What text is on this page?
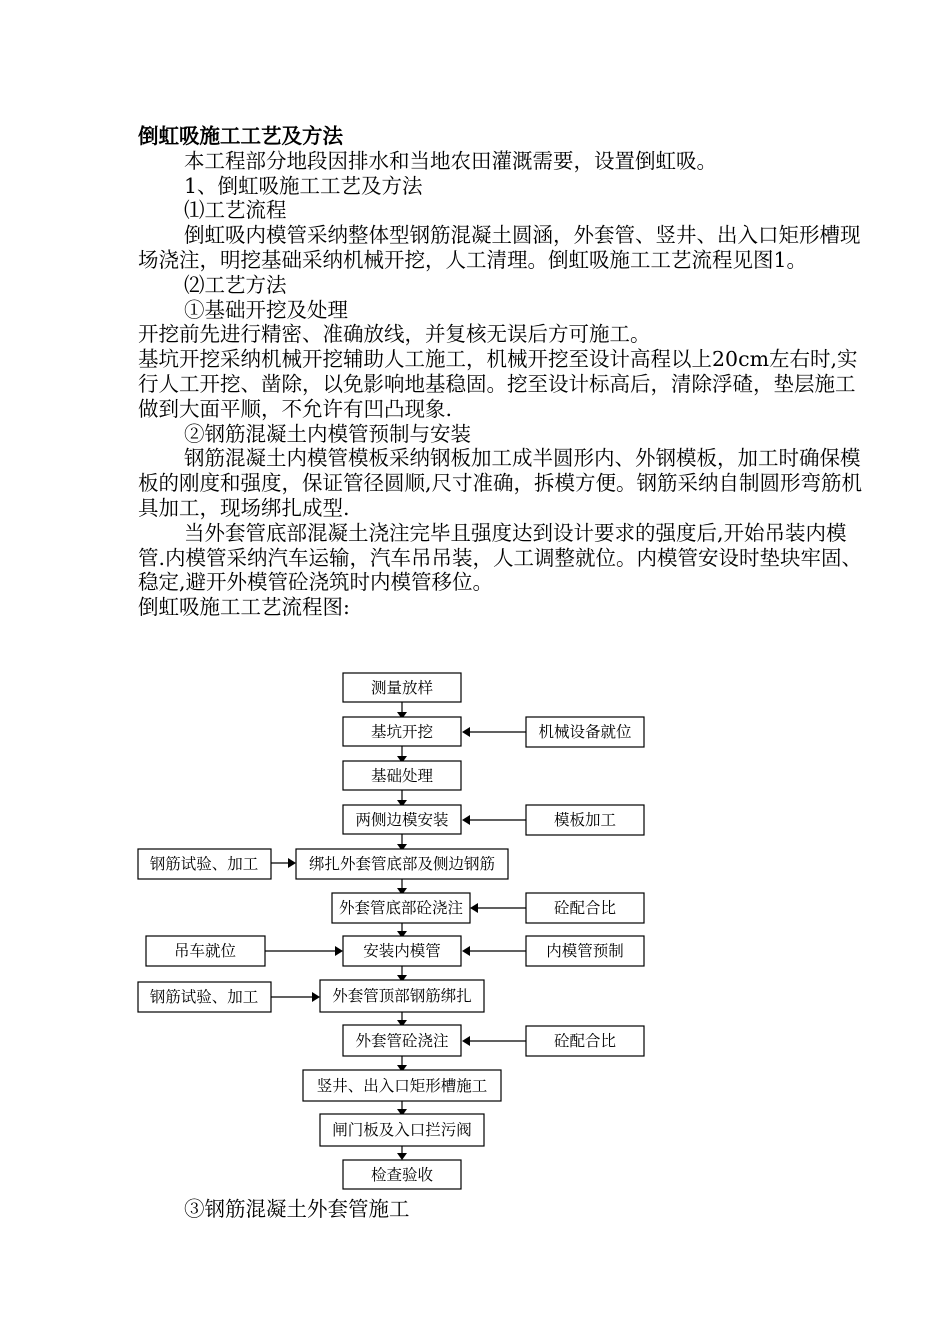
倒虹吸施工工艺及方法

本工程部分地段因排水和当地农田灌溉需要，设置倒虹吸。

1、倒虹吸施工工艺及方法

⑴工艺流程

倒虹吸内模管采纳整体型钢筋混凝土圆涵，外套管、竖井、出入口矩形槽现场浇注，明挖基础采纳机械开挖，人工清理。倒虹吸施工工艺流程见图1。

⑵工艺方法

①基础开挖及处理

开挖前先进行精密、准确放线，并复核无误后方可施工。

基坑开挖采纳机械开挖辅助人工施工，机械开挖至设计高程以上20cm左右时,实行人工开挖、凿除，以免影响地基稳固。挖至设计标高后，清除浮碴，垫层施工做到大面平顺，不允许有凹凸现象.

②钢筋混凝土内模管预制与安装

钢筋混凝土内模管模板采纳钢板加工成半圆形内、外钢模板，加工时确保模板的刚度和强度，保证管径圆顺,尺寸准确，拆模方便。钢筋采纳自制圆形弯筋机具加工，现场绑扎成型.

当外套管底部混凝土浇注完毕且强度达到设计要求的强度后,开始吊装内模管.内模管采纳汽车运输，汽车吊吊装，人工调整就位。内模管安设时垫块牢固、稳定,避开外模管砼浇筑时内模管移位。

倒虹吸施工工艺流程图:

测量放样
基坑开挖
基础处理
两侧边模安装
绑扎外套管底部及侧边钢筋
外套管底部砼浇注
安装内模管
外套管顶部钢筋绑扎
外套管砼浇注
竖井、出入口矩形槽施工
闸门板及入口拦污阀
检查验收
机械设备就位
模板加工
砼配合比
内模管预制
砼配合比
钢筋试验、加工
吊车就位
钢筋试验、加工
③钢筋混凝土外套管施工
